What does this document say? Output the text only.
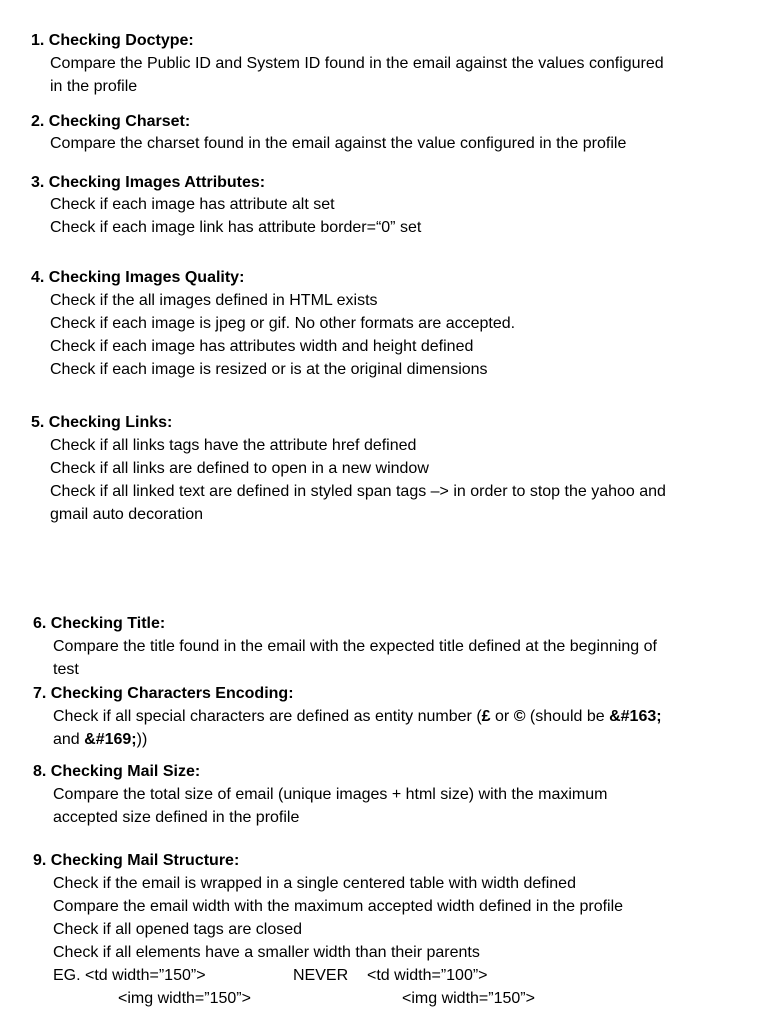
1. Checking Doctype:
Compare the Public ID and System ID found in the email against the values configured
in the profile
2. Checking Charset:
Compare the charset found in the email against the value configured in the profile
3. Checking Images Attributes:
Check if each image has attribute alt set
Check if each image link has attribute border=“0” set
4. Checking Images Quality:
Check if the all images defined in HTML exists
Check if each image is jpeg or gif. No other formats are accepted.
Check if each image has attributes width and height defined
Check if each image is resized or is at the original dimensions
5. Checking Links:
Check if all links tags have the attribute href defined
Check if all links are defined to open in a new window
Check if all linked text are defined in styled span tags –> in order to stop the yahoo and
gmail auto decoration
6. Checking Title:
Compare the title found in the email with the expected title defined at the beginning of
test
7. Checking Characters Encoding:
Check if all special characters are defined as entity number (£ or © (should be &#163;
and &#169;))
8. Checking Mail Size:
Compare the total size of email (unique images + html size) with the maximum
accepted size defined in the profile
9. Checking Mail Structure:
Check if the email is wrapped in a single centered table with width defined
Compare the email width with the maximum accepted width defined in the profile
Check if all opened tags are closed
Check if all elements have a smaller width than their parents
EG. <td width=”150”>	NEVER <td width=”100”>
<img width=”150”>	<img width=”150”>
